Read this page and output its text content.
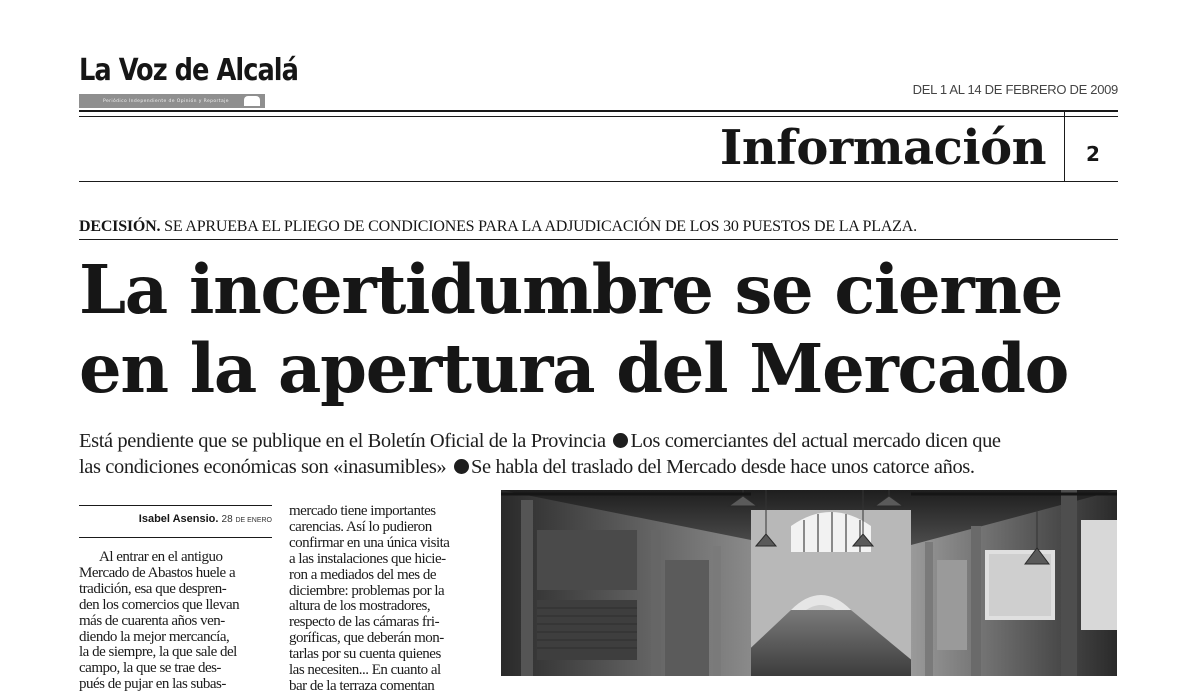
La Voz de Alcalá
Periódico Independiente de Opinión y Reportaje
DEL 1 AL 14 DE FEBRERO DE 2009
Información 2
DECISIÓN. SE APRUEBA EL PLIEGO DE CONDICIONES PARA LA ADJUDICACIÓN DE LOS 30 PUESTOS DE LA PLAZA.
La incertidumbre se cierne
en la apertura del Mercado
Está pendiente que se publique en el Boletín Oficial de la Provincia Los comerciantes del actual mercado dicen que
las condiciones económicas son «inasumibles» Se habla del traslado del Mercado desde hace unos catorce años.
Isabel Asensio. 28 DE ENERO
Al entrar en el antiguo
Mercado de Abastos huele a
tradición, esa que despren-
den los comercios que llevan
más de cuarenta años ven-
diendo la mejor mercancía,
la de siempre, la que sale del
campo, la que se trae des-
pués de pujar en las subas-
mercado tiene importantes
carencias. Así lo pudieron
confirmar en una única visita
a las instalaciones que hicie-
ron a mediados del mes de
diciembre: problemas por la
altura de los mostradores,
respecto de las cámaras fri-
goríficas, que deberán mon-
tarlas por su cuenta quienes
las necesiten... En cuanto al
bar de la terraza comentan
